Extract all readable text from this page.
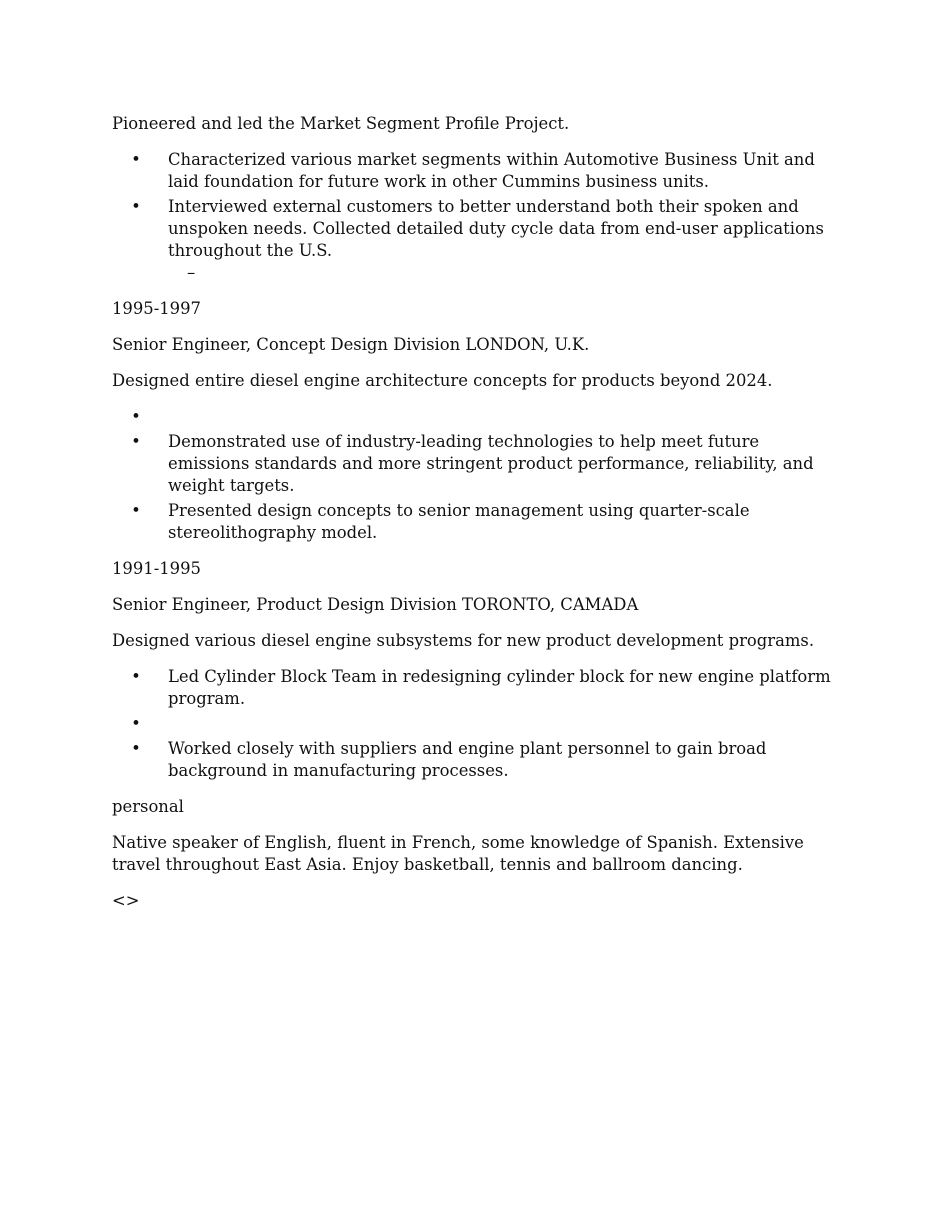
Pioneered and led the Market Segment Profile Project.

• Characterized various market segments within Automotive Business Unit and laid foundation for future work in other Cummins business units.
• Interviewed external customers to better understand both their spoken and unspoken needs. Collected detailed duty cycle data from end-user applications throughout the U.S.
–

1995-1997

Senior Engineer, Concept Design Division LONDON, U.K.

Designed entire diesel engine architecture concepts for products beyond 2024.

•
• Demonstrated use of industry-leading technologies to help meet future emissions standards and more stringent product performance, reliability, and weight targets.
• Presented design concepts to senior management using quarter-scale stereolithography model.

1991-1995

Senior Engineer, Product Design Division TORONTO, CAMADA

Designed various diesel engine subsystems for new product development programs.

• Led Cylinder Block Team in redesigning cylinder block for new engine platform program.
•
• Worked closely with suppliers and engine plant personnel to gain broad background in manufacturing processes.

personal

Native speaker of English, fluent in French, some knowledge of Spanish. Extensive travel throughout East Asia. Enjoy basketball, tennis and ballroom dancing.

<>
